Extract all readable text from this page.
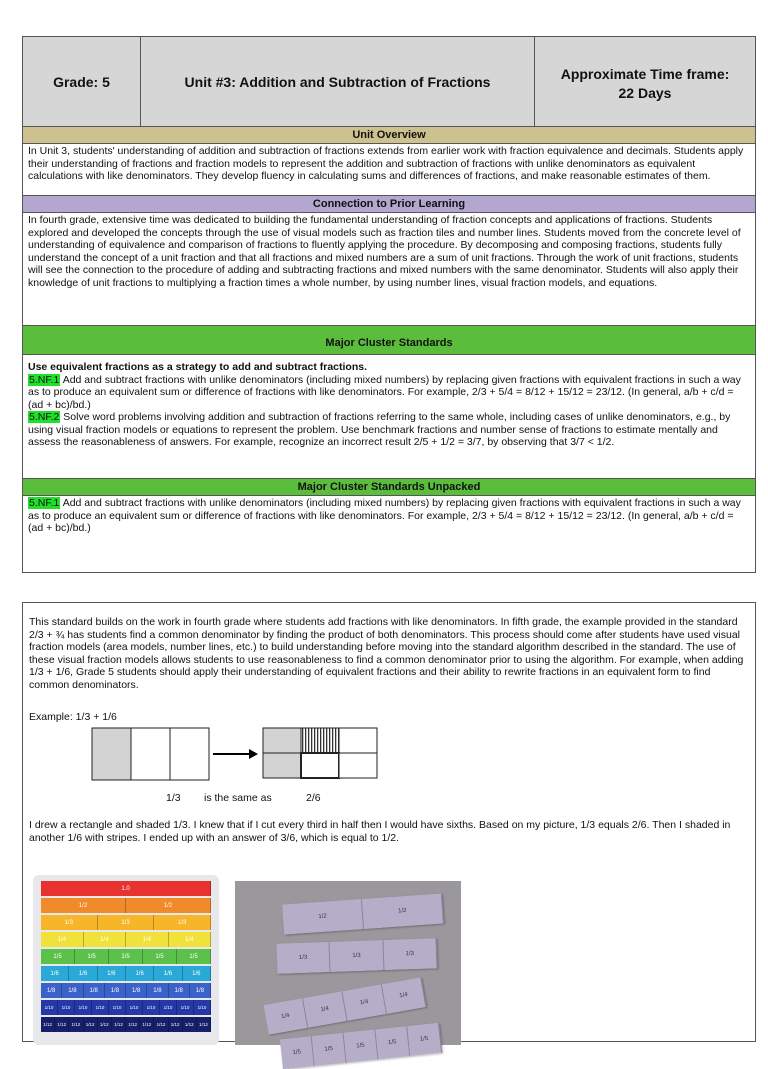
Grade: 5	Unit #3: Addition and Subtraction of Fractions	Approximate Time frame:
22 Days
Unit Overview
In Unit 3, students' understanding of addition and subtraction of fractions extends from earlier work with fraction equivalence and decimals. Students apply their understanding of fractions and fraction models to represent the addition and subtraction of fractions with unlike denominators as equivalent calculations with like denominators. They develop fluency in calculating sums and differences of fractions, and make reasonable estimates of them.
Connection to Prior Learning
In fourth grade, extensive time was dedicated to building the fundamental understanding of fraction concepts and applications of fractions. Students explored and developed the concepts through the use of visual models such as fraction tiles and number lines. Students moved from the concrete level of understanding of equivalence and comparison of fractions to fluently applying the procedure. By decomposing and composing fractions, students fully understand the concept of a unit fraction and that all fractions and mixed numbers are a sum of unit fractions. Through the work of unit fractions, students will see the connection to the procedure of adding and subtracting fractions and mixed numbers with the same denominator. Students will also apply their knowledge of unit fractions to multiplying a fraction times a whole number, by using number lines, visual fraction models, and equations.
Major Cluster Standards
Use equivalent fractions as a strategy to add and subtract fractions.
5.NF.1 Add and subtract fractions with unlike denominators (including mixed numbers) by replacing given fractions with equivalent fractions in such a way as to produce an equivalent sum or difference of fractions with like denominators. For example, 2/3 + 5/4 = 8/12 + 15/12 = 23/12. (In general, a/b + c/d = (ad + bc)/bd.)
5.NF.2 Solve word problems involving addition and subtraction of fractions referring to the same whole, including cases of unlike denominators, e.g., by using visual fraction models or equations to represent the problem. Use benchmark fractions and number sense of fractions to estimate mentally and assess the reasonableness of answers. For example, recognize an incorrect result 2/5 + 1/2 = 3/7, by observing that 3/7 < 1/2.
Major Cluster Standards Unpacked
5.NF.1 Add and subtract fractions with unlike denominators (including mixed numbers) by replacing given fractions with equivalent fractions in such a way as to produce an equivalent sum or difference of fractions with like denominators. For example, 2/3 + 5/4 = 8/12 + 15/12 = 23/12. (In general, a/b + c/d = (ad + bc)/bd.)
This standard builds on the work in fourth grade where students add fractions with like denominators. In fifth grade, the example provided in the standard 2/3 + ¾ has students find a common denominator by finding the product of both denominators. This process should come after students have used visual fraction models (area models, number lines, etc.) to build understanding before moving into the standard algorithm described in the standard. The use of these visual fraction models allows students to use reasonableness to find a common denominator prior to using the algorithm. For example, when adding 1/3 + 1/6, Grade 5 students should apply their understanding of equivalent fractions and their ability to rewrite fractions in an equivalent form to find common denominators.
Example: 1/3 + 1/6
1/3 is the same as	2/6
I drew a rectangle and shaded 1/3. I knew that if I cut every third in half then I would have sixths. Based on my picture, 1/3 equals 2/6. Then I shaded in another 1/6 with stripes. I ended up with an answer of 3/6, which is equal to 1/2.
1.0
1/2	1/2
1/3	1/3	1/3
1/4	1/4	1/4	1/4
1/5	1/5	1/5	1/5	1/5
1/6	1/6	1/6	1/6	1/6	1/6
1/8	1/8	1/8	1/8	1/8	1/8	1/8	1/8
1/10	1/10	1/10	1/10	1/10	1/10	1/10	1/10	1/10	1/10
1/12	1/12	1/12	1/12	1/12	1/12	1/12	1/12	1/12	1/12	1/12	1/12
1/2
1/2
1/3	1/3	1/3
1/4
1/4
1/4
1/4
1/5	1/5	1/5	1/5	1/5
